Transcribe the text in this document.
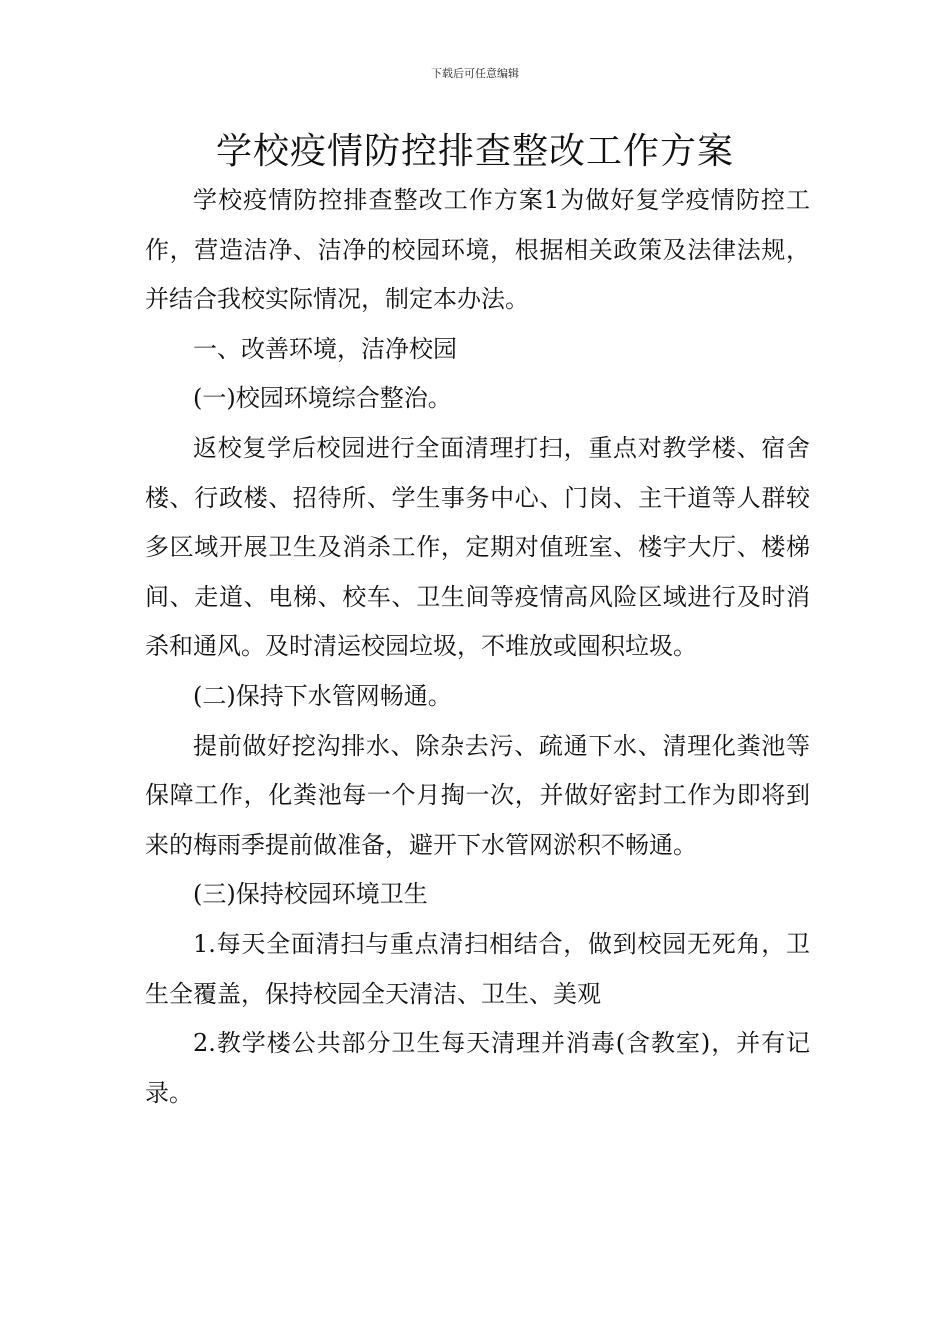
下载后可任意编辑
学校疫情防控排查整改工作方案

学校疫情防控排查整改工作方案1为做好复学疫情防控工作，营造洁净、洁净的校园环境，根据相关政策及法律法规，并结合我校实际情况，制定本办法。

一、改善环境，洁净校园

(一)校园环境综合整治。

返校复学后校园进行全面清理打扫，重点对教学楼、宿舍楼、行政楼、招待所、学生事务中心、门岗、主干道等人群较多区域开展卫生及消杀工作，定期对值班室、楼宇大厅、楼梯间、走道、电梯、校车、卫生间等疫情高风险区域进行及时消杀和通风。及时清运校园垃圾，不堆放或囤积垃圾。

(二)保持下水管网畅通。

提前做好挖沟排水、除杂去污、疏通下水、清理化粪池等保障工作，化粪池每一个月掏一次，并做好密封工作为即将到来的梅雨季提前做准备，避开下水管网淤积不畅通。

(三)保持校园环境卫生

1.每天全面清扫与重点清扫相结合，做到校园无死角，卫生全覆盖，保持校园全天清洁、卫生、美观

2.教学楼公共部分卫生每天清理并消毒(含教室)，并有记录。
